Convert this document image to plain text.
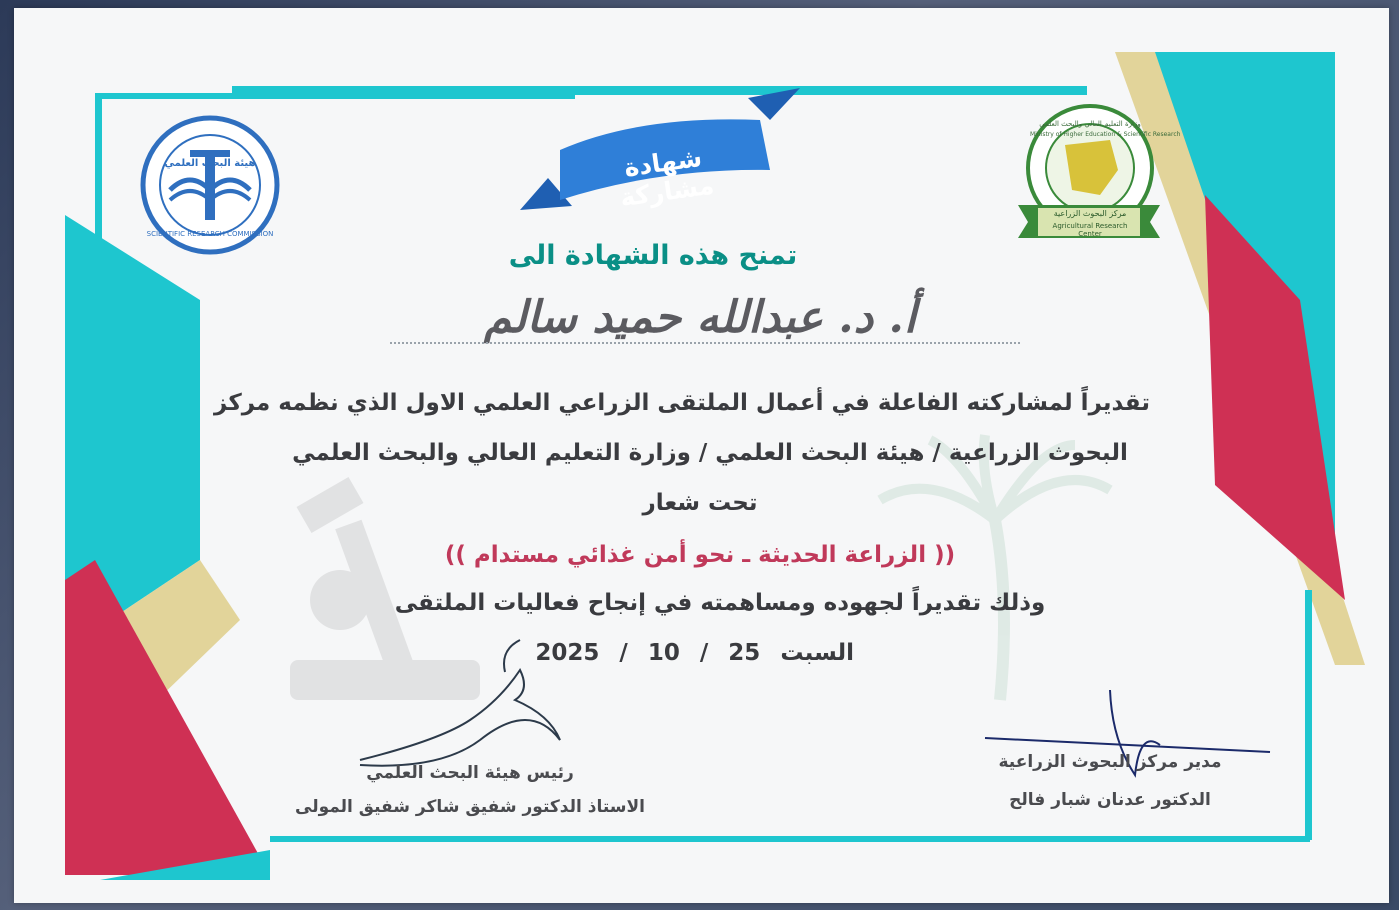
شهادة مشاركة
هيئة البحث العلمي
SCIENTIFIC RESEARCH COMMISSION
وزارة التعليم العالي والبحث العلمي
Ministry of Higher Education & Scientific Research
مركز البحوث الزراعية
Agricultural Research Center
تمنح هذه الشهادة الى
أ. د. عبدالله حميد سالم
تقديراً لمشاركته الفاعلة في أعمال الملتقى الزراعي العلمي الاول الذي نظمه مركز
البحوث الزراعية / هيئة البحث العلمي / وزارة التعليم العالي والبحث العلمي
تحت شعار
(( الزراعة الحديثة ـ نحو أمن غذائي مستدام ))
وذلك تقديراً لجهوده ومساهمته في إنجاح فعاليات الملتقى
السبت 25 / 10 / 2025
مدير مركز البحوث الزراعية
الدكتور عدنان شبار فالح
رئيس هيئة البحث العلمي
الاستاذ الدكتور شفيق شاكر شفيق المولى
